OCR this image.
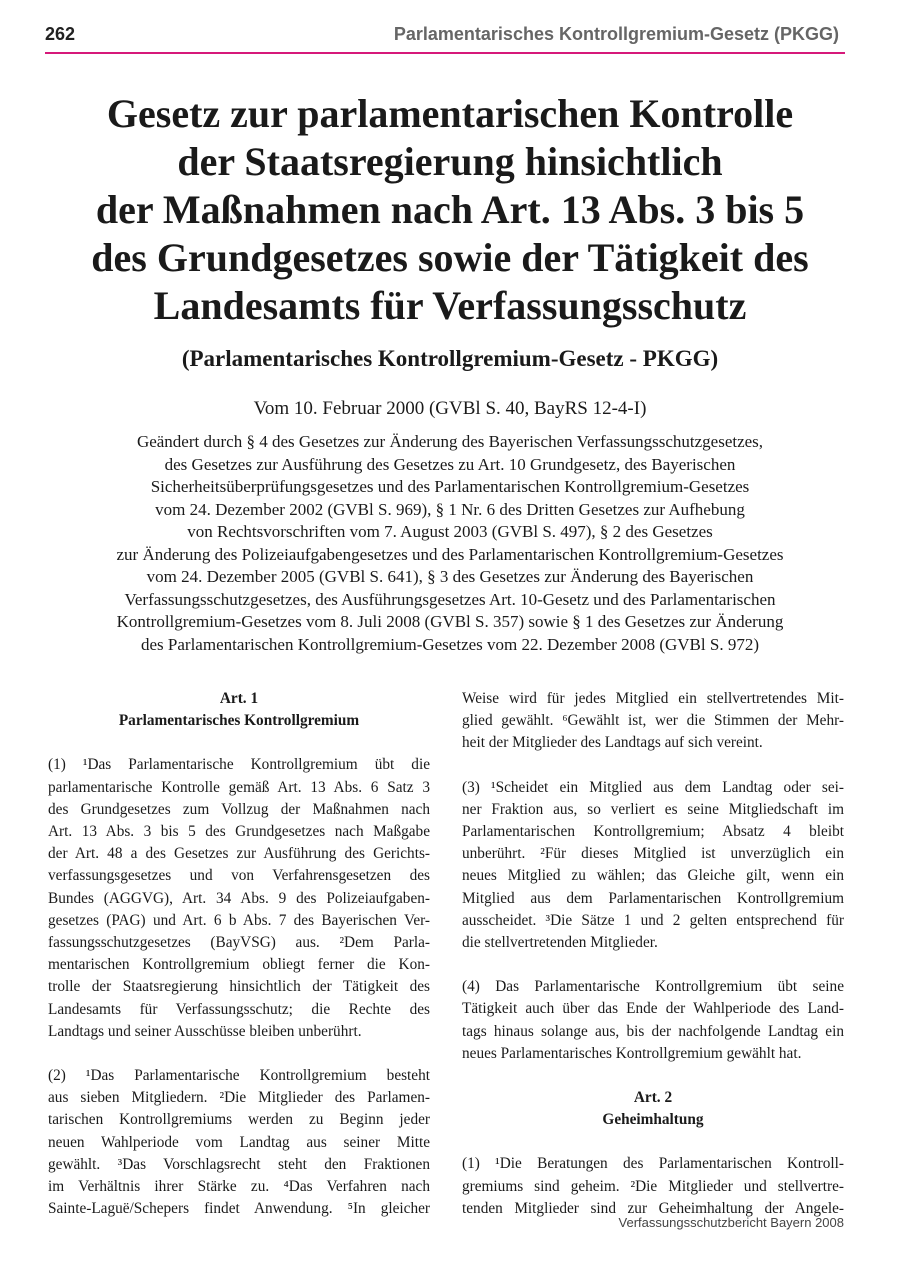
262	Parlamentarisches Kontrollgremium-Gesetz (PKGG)
Gesetz zur parlamentarischen Kontrolle
der Staatsregierung hinsichtlich
der Maßnahmen nach Art. 13 Abs. 3 bis 5
des Grundgesetzes sowie der Tätigkeit des
Landesamts für Verfassungsschutz
(Parlamentarisches Kontrollgremium-Gesetz - PKGG)

Vom 10. Februar 2000 (GVBl S. 40, BayRS 12-4-I)

Geändert durch § 4 des Gesetzes zur Änderung des Bayerischen Verfassungsschutzgesetzes,
des Gesetzes zur Ausführung des Gesetzes zu Art. 10 Grundgesetz, des Bayerischen
Sicherheitsüberprüfungsgesetzes und des Parlamentarischen Kontrollgremium-Gesetzes
vom 24. Dezember 2002 (GVBl S. 969), § 1 Nr. 6 des Dritten Gesetzes zur Aufhebung
von Rechtsvorschriften vom 7. August 2003 (GVBl S. 497), § 2 des Gesetzes
zur Änderung des Polizeiaufgabengesetzes und des Parlamentarischen Kontrollgremium-Gesetzes
vom 24. Dezember 2005 (GVBl S. 641), § 3 des Gesetzes zur Änderung des Bayerischen
Verfassungsschutzgesetzes, des Ausführungsgesetzes Art. 10-Gesetz und des Parlamentarischen
Kontrollgremium-Gesetzes vom 8. Juli 2008 (GVBl S. 357) sowie § 1 des Gesetzes zur Änderung
des Parlamentarischen Kontrollgremium-Gesetzes vom 22. Dezember 2008 (GVBl S. 972)

Art. 1
Parlamentarisches Kontrollgremium
(1) ¹Das Parlamentarische Kontrollgremium übt die
parlamentarische Kontrolle gemäß Art. 13 Abs. 6 Satz 3
des Grundgesetzes zum Vollzug der Maßnahmen nach
Art. 13 Abs. 3 bis 5 des Grundgesetzes nach Maßgabe
der Art. 48 a des Gesetzes zur Ausführung des Gerichts-
verfassungsgesetzes und von Verfahrensgesetzen des
Bundes (AGGVG), Art. 34 Abs. 9 des Polizeiaufgaben-
gesetzes (PAG) und Art. 6 b Abs. 7 des Bayerischen Ver-
fassungsschutzgesetzes (BayVSG) aus. ²Dem Parla-
mentarischen Kontrollgremium obliegt ferner die Kon-
trolle der Staatsregierung hinsichtlich der Tätigkeit des
Landesamts für Verfassungsschutz; die Rechte des
Landtags und seiner Ausschüsse bleiben unberührt.
(2) ¹Das Parlamentarische Kontrollgremium besteht
aus sieben Mitgliedern. ²Die Mitglieder des Parlamen-
tarischen Kontrollgremiums werden zu Beginn jeder
neuen Wahlperiode vom Landtag aus seiner Mitte
gewählt. ³Das Vorschlagsrecht steht den Fraktionen
im Verhältnis ihrer Stärke zu. ⁴Das Verfahren nach
Sainte-Laguë/Schepers findet Anwendung. ⁵In gleicher
Weise wird für jedes Mitglied ein stellvertretendes Mit-
glied gewählt. ⁶Gewählt ist, wer die Stimmen der Mehr-
heit der Mitglieder des Landtags auf sich vereint.
(3) ¹Scheidet ein Mitglied aus dem Landtag oder sei-
ner Fraktion aus, so verliert es seine Mitgliedschaft im
Parlamentarischen Kontrollgremium; Absatz 4 bleibt
unberührt. ²Für dieses Mitglied ist unverzüglich ein
neues Mitglied zu wählen; das Gleiche gilt, wenn ein
Mitglied aus dem Parlamentarischen Kontrollgremium
ausscheidet. ³Die Sätze 1 und 2 gelten entsprechend für
die stellvertretenden Mitglieder.
(4) Das Parlamentarische Kontrollgremium übt seine
Tätigkeit auch über das Ende der Wahlperiode des Land-
tags hinaus solange aus, bis der nachfolgende Landtag ein
neues Parlamentarisches Kontrollgremium gewählt hat.
Art. 2
Geheimhaltung
(1) ¹Die Beratungen des Parlamentarischen Kontroll-
gremiums sind geheim. ²Die Mitglieder und stellvertre-
tenden Mitglieder sind zur Geheimhaltung der Angele-
Verfassungsschutzbericht Bayern 2008
